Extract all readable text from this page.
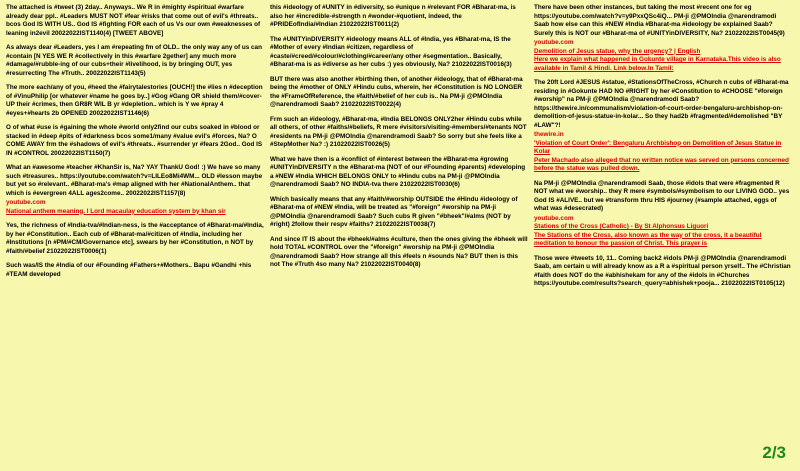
The attached is #tweet (3) 2day.. Anyways.. We R in #mighty #spiritual #warfare already dear ppl.. #Leaders MUST NOT #fear #risks that come out of evil's #threats.. bcos God IS WITH US.. God IS #fighting FOR each of us Vs our own #weaknesses of leaning in2evil 20022022IST1140(4) [TWEET ABOVE]

As always dear #Leaders, yes I am #repeating fm of OLD.. the only way any of us can #contain [N YES WE R #collectively in this #warfare 2gether] any much more #damage/#rubble-ing of our cubs+their #livelihood, is by bringing OUT, yes #resurrecting The #Truth.. 20022022IST1143(5)

The more each/any of you, #heed the #fairytalestories [OUCH!] the #lies n #deception of #VinuPhilip [or whatever #name he goes by..] #Gog #Gang OR shield them/#cover-UP their #crimes, then GR8R WIL B yr #depletion.. which is Y we #pray 4 #eyes+#hearts 2b OPENED 20022022IST1146(6)

O of what #use is #gaining the whole #world only2find our cubs soaked in #blood or stacked in #deep #pits of #darkness bcos some1/many #value evil's #forces, Na? O COME AWAY frm the #shadows of evil's #threats.. #surrender yr #fears 2God.. God IS IN #CONTROL 20022022IST1150(7)

What an #awesome #teacher #KhanSir is, Na? YAY ThankU God! :) We have so many such #treasures.. https://youtube.com/watch?v=LILEo8Mi4WM... OLD #lesson maybe but yet so #relevant.. #Bharat-ma's #map aligned with her #NationalAnthem.. that which is #evergreen 4ALL ages2come.. 20022022IST1157(8)

youtube.com
National anthem meaning. l Lord macaulay education system by khan sir

Yes, the richness of #India-tva/#Indian-ness, is the #acceptance of #Bharat-ma/#India, by her #Constitution.. Each cub of #Bharat-ma/#citizen of #India, including her #Institutions [n #PM/#CM/Governance etc], swears by her #Constitution, n NOT by #faith/#belief 21022022IST0006(1)

Such was/IS the #India of our #Founding #Fathers+#Mothers.. Bapu #Gandhi +his #TEAM developed

this #ideology of #UNITY in #diversity, so #unique n #relevant FOR #Bharat-ma, is also her #incredible-#strength n #wonder-#quotient, indeed, the #PRIDEofIndia/#Indian 21022022IST0011(2)

The #UNITYinDIVERSITY #ideology means ALL of #India, yes #Bharat-ma, IS the #Mother of every #Indian #citizen, regardless of #caste/#creed/#colour/#clothing/#career/any other #segmentation.. Basically, #Bharat-ma is as #diverse as her cubs :) yes obviously, Na? 21022022IST0016(3)

BUT there was also another #birthing then, of another #ideology, that of #Bharat-ma being the #mother of ONLY #Hindu cubs, wherein, her #Constitution is NO LONGER the #FrameOfReference, the #faith/#belief of her cub is.. Na PM-ji @PMOIndia @narendramodi Saab? 21022022IST0022(4)

Frm such an #ideology, #Bharat-ma, #India BELONGS ONLY2her #Hindu cubs while all others, of other #faiths/#beliefs, R mere #visitors/visiting-#members/#tenants NOT #residents na PM-ji @PMOIndia @narendramodi Saab? So sorry but she feels like a #StepMother Na? :) 21022022IST0026(5)

What we have then is a #conflict of #interest between the #Bharat-ma #growing #UNITYinDIVERSITY n the #Bharat-ma (NOT of our #Founding #parents) #developing a #NEW #India WHICH BELONGS ONLY to #Hindu cubs na PM-ji @PMOIndia @narendramodi Saab? NO INDIA-tva there 21022022IST0030(6)

Which basically means that any #faith/#worship OUTSIDE the #Hindu #ideology of #Bharat-ma of #NEW #India, will be treated as "#foreign" #worship na PM-ji @PMOIndia @narendramodi Saab? Such cubs R given "#bheek"/#alms (NOT by #right) 2follow their respv #faiths? 21022022IST0038(7)

And since IT IS about the #bheek/#alms #culture, then the ones giving the #bheek will hold TOTAL #CONTROL over the "#foreign" #worship na PM-ji @PMOIndia @narendramodi Saab? How strange all this #feels n #sounds Na? BUT then is this not The #Truth 4so many Na? 21022022IST0040(8)

There have been other instances, but taking the most #recent one for eg https://youtube.com/watch?v=y9PxxQSc4iQ... PM-ji @PMOIndia @narendramodi Saab how else can this #NEW #India #Bharat-ma #ideology be explained Saab? Surely this is NOT our #Bharat-ma of #UNITYinDIVERSITY, Na? 21022022IST0045(9)

youtube.com
Demolition of Jesus statue, why the urgency? | English
Here we explain what happened in Gokunte village in Karnataka.This video is also available in Tamil & Hindi. Link below.In Tamil:

The 20ft Lord #JESUS #statue, #StationsOfTheCross, #Church n cubs of #Bharat-ma residing in #Gokunte HAD NO #RIGHT by her #Constitution to #CHOOSE "#foreign #worship" na PM-ji @PMOIndia @narendramodi Saab? https://thewire.in/communalism/violation-of-court-order-bengaluru-archbishop-on-demolition-of-jesus-statue-in-kolar... So they had2b #fragmented/#demolished "BY #LAW"?!

thewire.in
'Violation of Court Order': Bengaluru Archbishop on Demolition of Jesus Statue in Kolar
Peter Machado also alleged that no written notice was served on persons concerned before the statue was pulled down.

Na PM-ji @PMOIndia @narendramodi Saab, those #idols that were #fragmented R NOT what we #worship.. they R mere #symbols/#symbolism to our LIVING GOD.. yes God IS #ALIVE.. but we #transform thru HIS #journey (#sample attached, eggs of what was #desecrated)

youtube.com
Stations of the Cross (Catholic) - By St Alphonsus Liguori
The Stations of the Cross, also known as the way of the cross, it a beautiful meditation to honour the passion of Christ. This prayer is

Those were #tweets 10, 11.. Coming back2 #idols PM-ji @PMOIndia @narendramodi Saab, am certain u will already know as a R a #spiritual person yrself.. The #Christian #faith does NOT do the #abhishekam for any of the #idols in #Churches https://youtube.com/results?search_query=abhishek+pooja... 21022022IST0105(12)

2/3
